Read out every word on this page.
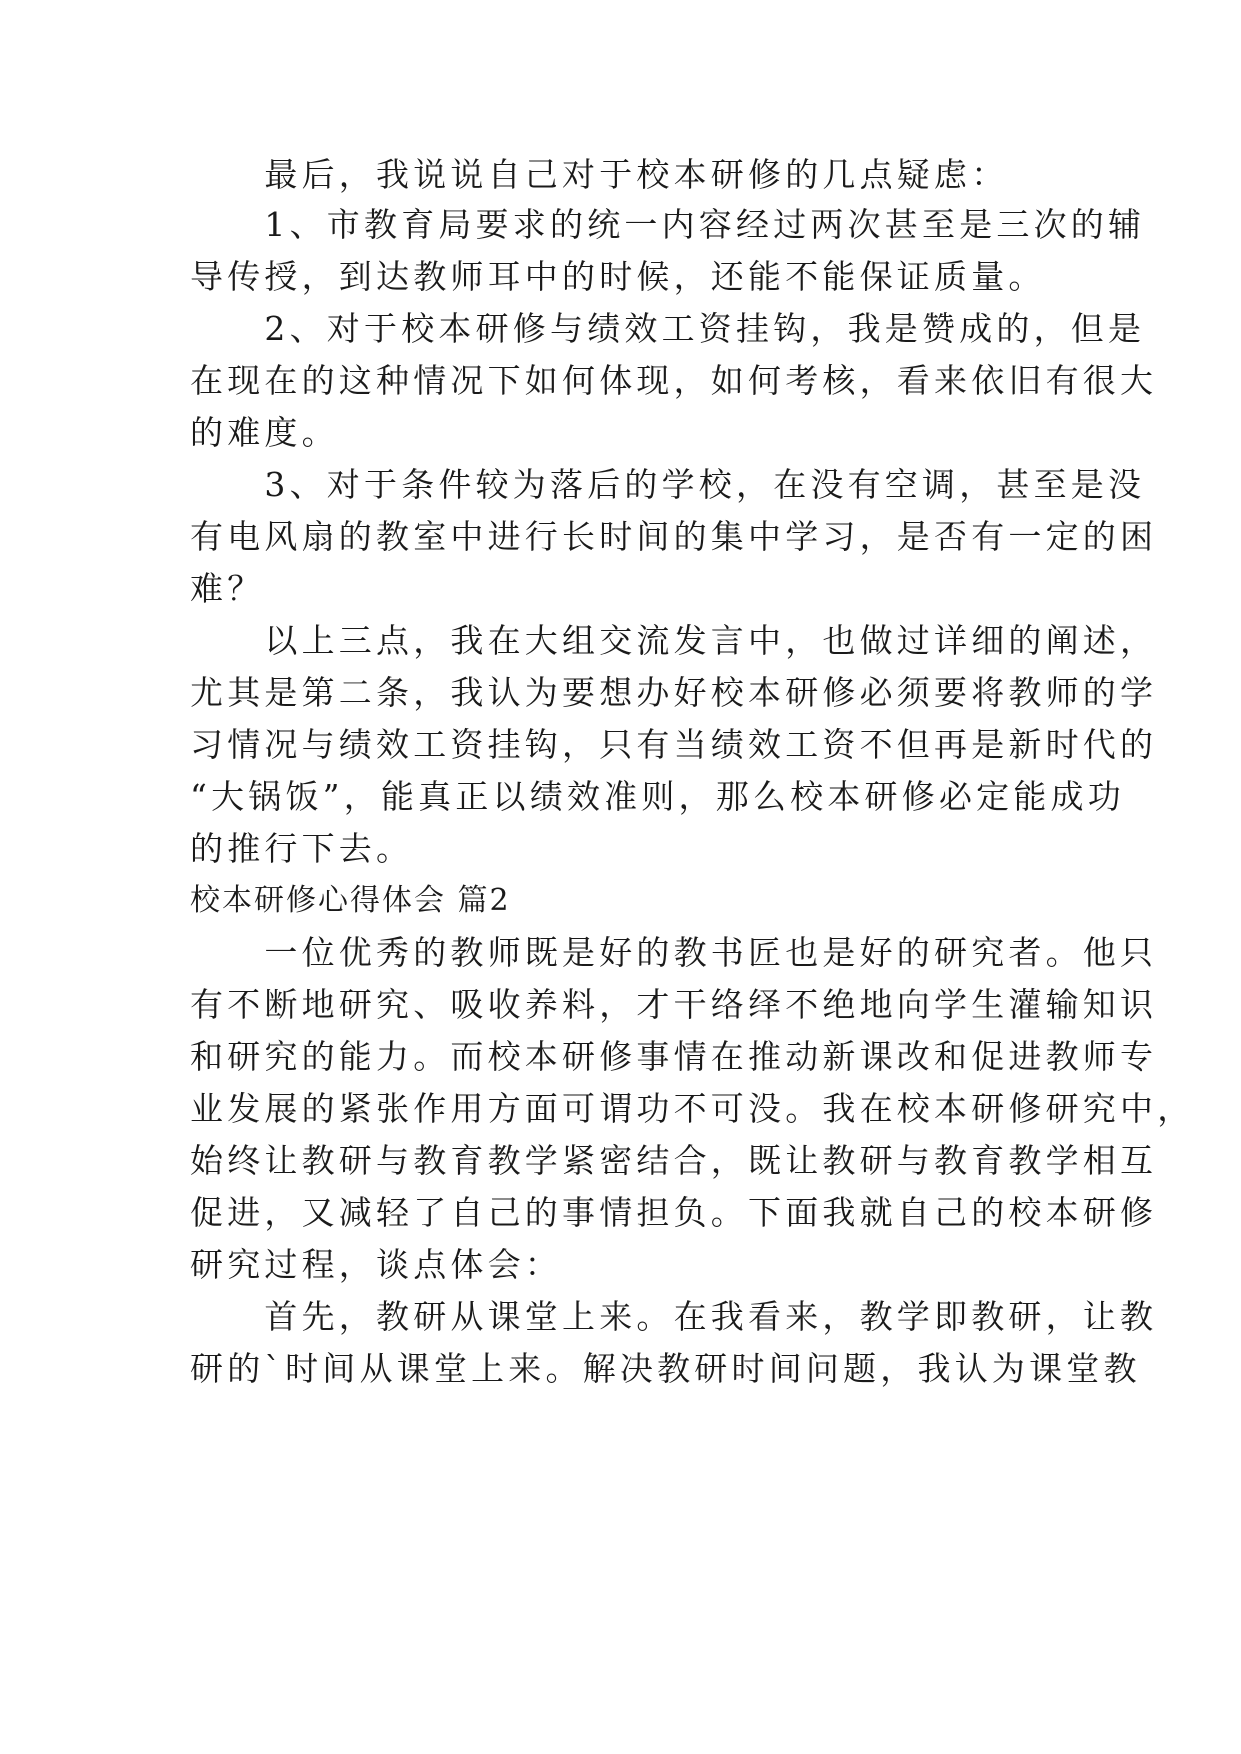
　　最后，我说说自己对于校本研修的几点疑虑：
　　1、市教育局要求的统一内容经过两次甚至是三次的辅
导传授，到达教师耳中的时候，还能不能保证质量。
　　2、对于校本研修与绩效工资挂钩，我是赞成的，但是
在现在的这种情况下如何体现，如何考核，看来依旧有很大
的难度。
　　3、对于条件较为落后的学校，在没有空调，甚至是没
有电风扇的教室中进行长时间的集中学习，是否有一定的困
难？
　　以上三点，我在大组交流发言中，也做过详细的阐述，
尤其是第二条，我认为要想办好校本研修必须要将教师的学
习情况与绩效工资挂钩，只有当绩效工资不但再是新时代的
“大锅饭”，能真正以绩效准则，那么校本研修必定能成功
的推行下去。
校本研修心得体会 篇2
　　一位优秀的教师既是好的教书匠也是好的研究者。他只
有不断地研究、吸收养料，才干络绎不绝地向学生灌输知识
和研究的能力。而校本研修事情在推动新课改和促进教师专
业发展的紧张作用方面可谓功不可没。我在校本研修研究中，
始终让教研与教育教学紧密结合，既让教研与教育教学相互
促进，又减轻了自己的事情担负。下面我就自己的校本研修
研究过程，谈点体会：
　　首先，教研从课堂上来。在我看来，教学即教研，让教
研的`时间从课堂上来。解决教研时间问题，我认为课堂教
